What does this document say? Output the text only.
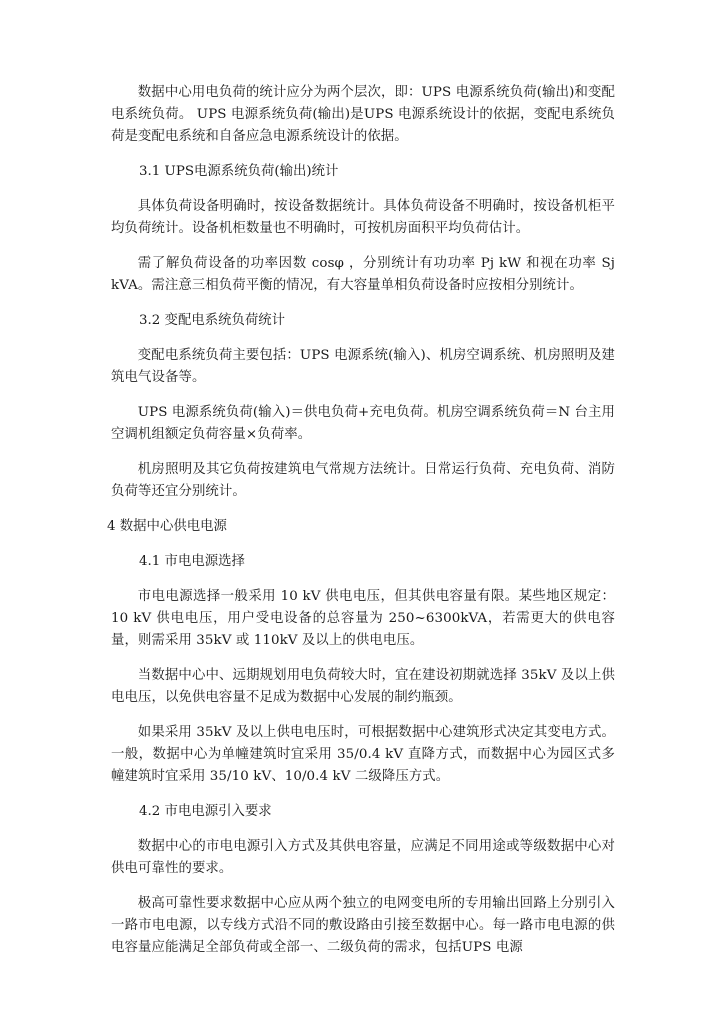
数据中心用电负荷的统计应分为两个层次，即：UPS 电源系统负荷(输出)和变配电系统负荷。 UPS 电源系统负荷(输出)是UPS 电源系统设计的依据，变配电系统负荷是变配电系统和自备应急电源系统设计的依据。

3.1 UPS电源系统负荷(输出)统计

具体负荷设备明确时，按设备数据统计。具体负荷设备不明确时，按设备机柜平均负荷统计。设备机柜数量也不明确时，可按机房面积平均负荷估计。

需了解负荷设备的功率因数 cosφ ，分别统计有功功率 Pj kW 和视在功率 Sj kVA。需注意三相负荷平衡的情况，有大容量单相负荷设备时应按相分别统计。

3.2 变配电系统负荷统计

变配电系统负荷主要包括：UPS 电源系统(输入)、机房空调系统、机房照明及建筑电气设备等。

UPS 电源系统负荷(输入)＝供电负荷+充电负荷。机房空调系统负荷＝N 台主用空调机组额定负荷容量×负荷率。

机房照明及其它负荷按建筑电气常规方法统计。日常运行负荷、充电负荷、消防负荷等还宜分别统计。

4 数据中心供电电源

4.1 市电电源选择

市电电源选择一般采用 10 kV 供电电压，但其供电容量有限。某些地区规定：10 kV 供电电压，用户受电设备的总容量为 250~6300kVA，若需更大的供电容量，则需采用 35kV 或 110kV 及以上的供电电压。

当数据中心中、远期规划用电负荷较大时，宜在建设初期就选择 35kV 及以上供电电压，以免供电容量不足成为数据中心发展的制约瓶颈。

如果采用 35kV 及以上供电电压时，可根据数据中心建筑形式决定其变电方式。一般，数据中心为单幢建筑时宜采用 35/0.4 kV 直降方式，而数据中心为园区式多幢建筑时宜采用 35/10 kV、10/0.4 kV 二级降压方式。

4.2 市电电源引入要求

数据中心的市电电源引入方式及其供电容量，应满足不同用途或等级数据中心对供电可靠性的要求。

极高可靠性要求数据中心应从两个独立的电网变电所的专用输出回路上分别引入一路市电电源，以专线方式沿不同的敷设路由引接至数据中心。每一路市电电源的供电容量应能满足全部负荷或全部一、二级负荷的需求，包括UPS 电源
